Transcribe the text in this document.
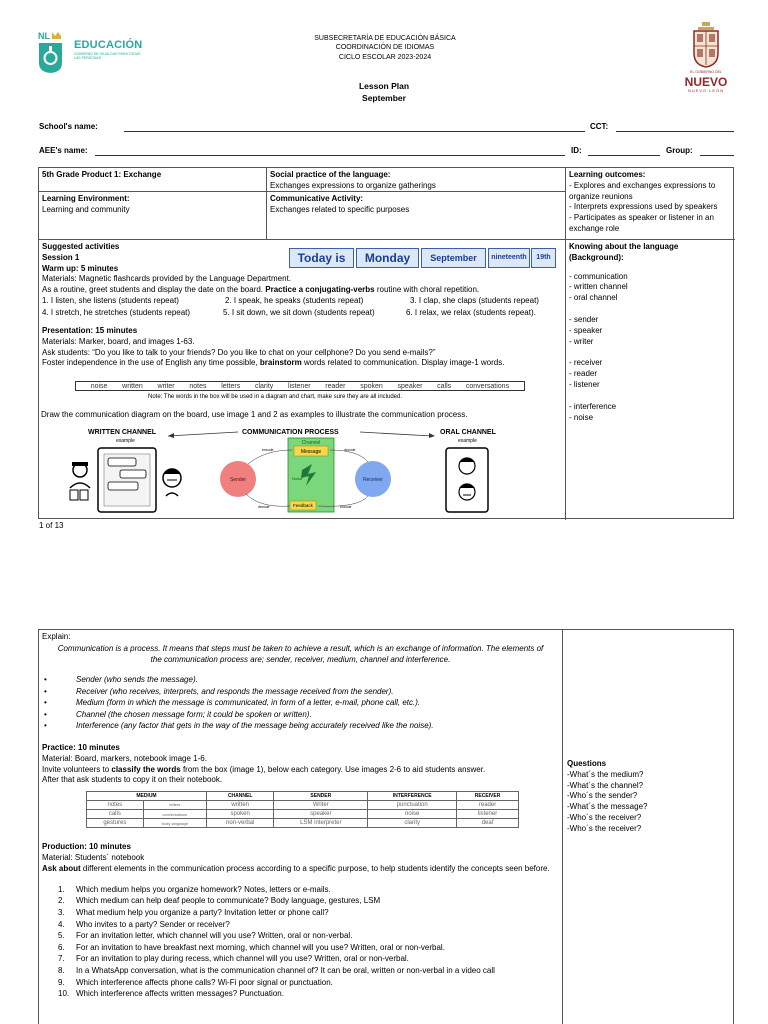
NL
EDUCACIÓN
GOBIERNO DE IGUALDAD PARA TODAS LAS PERSONAS
SUBSECRETARÍA DE EDUCACIÓN BÁSICA
COORDINACIÓN DE IDIOMAS
CICLO ESCOLAR 2023-2024
EL GOBIERNO DEL
NUEVO
NUEVO LEÓN
Lesson Plan
September
School's name:	CCT:
AEE's name:	ID:	Group:
5th Grade Product 1: Exchange	Social practice of the language:
Exchanges expressions to organize gatherings
Learning outcomes:
- Explores and exchanges expressions to
organize reunions
- Interprets expressions used by speakers
- Participates as speaker or listener in an
exchange role
Learning Environment:
Learning and community
Communicative Activity:
Exchanges related to specific purposes
Suggested activities
Session 1
Warm up: 5 minutes
Materials: Magnetic flashcards provided by the Language Department.
As a routine, greet students and display the date on the board. Practice a conjugating-verbs routine with choral repetition.
1. I listen, she listens (students repeat)	2. I speak, he speaks (students repeat)	3. I clap, she claps (students repeat)
4. I stretch, he stretches (students repeat)	5. I sit down, we sit down (students repeat)	6. I relax, we relax (students repeat).
Presentation: 15 minutes
Materials: Marker, board, and images 1-63.
Ask students: “Do you like to talk to your friends? Do you like to chat on your cellphone? Do you send e-mails?”
Foster independence in the use of English any time possible, brainstorm words related to communication. Display image-1 words.
Knowing about the language (Background):
- communication
- written channel
- oral channel
- sender
- speaker
- writer
- receiver
- reader
- listener
- interference
- noise
Today is	Monday	September	nineteenth	19th
noise written writer notes letters clarity listener reader spoken speaker calls conversations
Note: The words in the box will be used in a diagram and chart, make sure they are all included.
Draw the communication diagram on the board, use image 1 and 2 as examples to illustrate the communication process.
WRITTEN CHANNEL
example
COMMUNICATION PROCESS	ORAL CHANNEL
example
Channel
Message
Noise
Feedback
Sender	Receiver
encode	decode
encode
decode
1 of 13
Explain:
Communication is a process. It means that steps must be taken to achieve a result, which is an exchange of information. The elements of the communication process are; sender, receiver, medium, channel and interference.
•	Sender (who sends the message).
•	Receiver (who receives, interprets, and responds the message received from the sender).
•	Medium (form in which the message is communicated, in form of a letter, e-mail, phone call, etc.).
•	Channel (the chosen message form; it could be spoken or written).
•	Interference (any factor that gets in the way of the message being accurately received like the noise).
Practice: 10 minutes
Material: Board, markers, notebook image 1-6.
Invite volunteers to classify the words from the box (image 1), below each category. Use images 2-6 to aid students answer.
After that ask students to copy it on their notebook.
MEDIUM		CHANNEL	SENDER	INTERFERENCE	RECEIVER
notes	letters	written	Writer	punctuation	reader
calls	conversations	spoken	speaker	noise	listener
gestures	body language	non-verbal	LSM interpreter	clarity	deaf
Production: 10 minutes
Material: Students´ notebook
Ask about different elements in the communication process according to a specific purpose, to help students identify the concepts seen before.
1. Which medium helps you organize homework? Notes, letters or e-mails.
2. Which medium can help deaf people to communicate? Body language, gestures, LSM
3. What medium help you organize a party? Invitation letter or phone call?
4. Who invites to a party? Sender or receiver?
5. For an invitation letter, which channel will you use? Written, oral or non-verbal.
6. For an invitation to have breakfast next morning, which channel will you use? Written, oral or non-verbal.
7. For an invitation to play during recess, which channel will you use? Written, oral or non-verbal.
8. In a WhatsApp conversation, what is the communication channel of? It can be oral, written or non-verbal in a video call
9. Which interference affects phone calls? Wi-Fi poor signal or punctuation.
10. Which interference affects written messages? Punctuation.
Questions
-What´s the medium?
-What´s the channel?
-Who´s the sender?
-What´s the message?
-Who´s the receiver?
-Who´s the receiver?
